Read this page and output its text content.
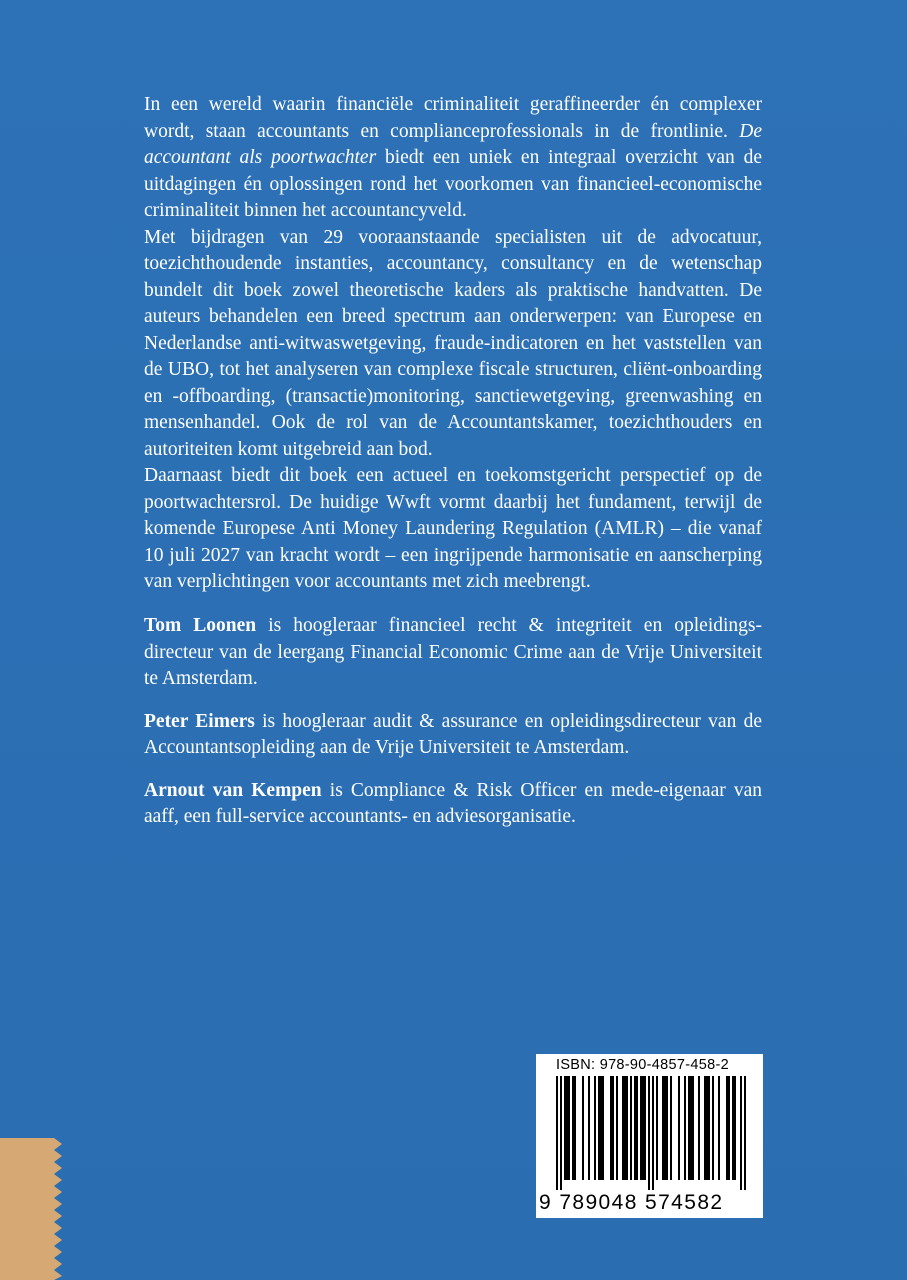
In een wereld waarin financiële criminaliteit geraffineerder én complexer wordt, staan accountants en complianceprofessionals in de frontlinie. De accountant als poortwachter biedt een uniek en integraal overzicht van de uitdagingen én oplossingen rond het voorkomen van financieel-economische criminaliteit binnen het accountancyveld.

Met bijdragen van 29 vooraanstaande specialisten uit de advocatuur, toezichthoudende instanties, accountancy, consultancy en de wetenschap bundelt dit boek zowel theoretische kaders als praktische handvatten. De auteurs behandelen een breed spectrum aan onderwerpen: van Europese en Nederlandse anti-witwaswetgeving, fraude-indicatoren en het vaststellen van de UBO, tot het analyseren van complexe fiscale structuren, cliënt-onboarding en -offboarding, (transactie)monitoring, sanctiewetgeving, greenwashing en mensenhandel. Ook de rol van de Accountantskamer, toezichthouders en autoriteiten komt uitgebreid aan bod.

Daarnaast biedt dit boek een actueel en toekomstgericht perspectief op de poortwachtersrol. De huidige Wwft vormt daarbij het fundament, terwijl de komende Europese Anti Money Laundering Regulation (AMLR) – die vanaf 10 juli 2027 van kracht wordt – een ingrijpende harmonisatie en aanscherping van verplichtingen voor accountants met zich meebrengt.

Tom Loonen is hoogleraar financieel recht & integriteit en opleidings-directeur van de leergang Financial Economic Crime aan de Vrije Universiteit te Amsterdam.

Peter Eimers is hoogleraar audit & assurance en opleidingsdirecteur van de Accountantsopleiding aan de Vrije Universiteit te Amsterdam.

Arnout van Kempen is Compliance & Risk Officer en mede-eigenaar van aaff, een full-service accountants- en adviesorganisatie.

ISBN: 978-90-4857-458-2
9 789048 574582
